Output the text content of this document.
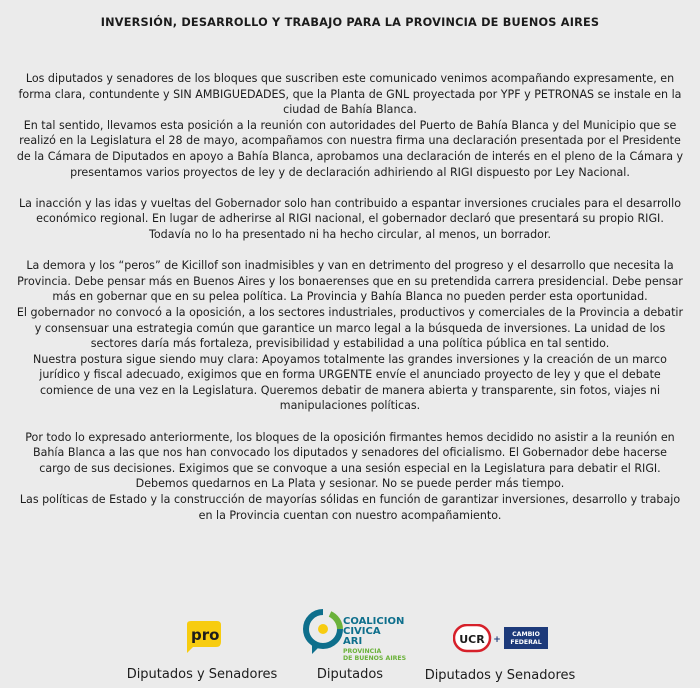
INVERSIÓN, DESARROLLO Y TRABAJO PARA LA PROVINCIA DE BUENOS AIRES

Los diputados y senadores de los bloques que suscriben este comunicado venimos acompañando expresamente, en forma clara, contundente y SIN AMBIGUEDADES, que la Planta de GNL proyectada por YPF y PETRONAS se instale en la ciudad de Bahía Blanca.

En tal sentido, llevamos esta posición a la reunión con autoridades del Puerto de Bahía Blanca y del Municipio que se realizó en la Legislatura el 28 de mayo, acompañamos con nuestra firma una declaración presentada por el Presidente de la Cámara de Diputados en apoyo a Bahía Blanca, aprobamos una declaración de interés en el pleno de la Cámara y presentamos varios proyectos de ley y de declaración adhiriendo al RIGI dispuesto por Ley Nacional.

La inacción y las idas y vueltas del Gobernador solo han contribuido a espantar inversiones cruciales para el desarrollo económico regional. En lugar de adherirse al RIGI nacional, el gobernador declaró que presentará su propio RIGI. Todavía no lo ha presentado ni ha hecho circular, al menos, un borrador.

La demora y los “peros” de Kicillof son inadmisibles y van en detrimento del progreso y el desarrollo que necesita la Provincia. Debe pensar más en Buenos Aires y los bonaerenses que en su pretendida carrera presidencial. Debe pensar más en gobernar que en su pelea política. La Provincia y Bahía Blanca no pueden perder esta oportunidad.

El gobernador no convocó a la oposición, a los sectores industriales, productivos y comerciales de la Provincia a debatir y consensuar una estrategia común que garantice un marco legal a la búsqueda de inversiones. La unidad de los sectores daría más fortaleza, previsibilidad y estabilidad a una política pública en tal sentido.

Nuestra postura sigue siendo muy clara: Apoyamos totalmente las grandes inversiones y la creación de un marco jurídico y fiscal adecuado, exigimos que en forma URGENTE envíe el anunciado proyecto de ley y que el debate comience de una vez en la Legislatura. Queremos debatir de manera abierta y transparente, sin fotos, viajes ni manipulaciones políticas.

Por todo lo expresado anteriormente, los bloques de la oposición firmantes hemos decidido no asistir a la reunión en Bahía Blanca a las que nos han convocado los diputados y senadores del oficialismo. El Gobernador debe hacerse cargo de sus decisiones. Exigimos que se convoque a una sesión especial en la Legislatura para debatir el RIGI. Debemos quedarnos en La Plata y sesionar. No se puede perder más tiempo.

Las políticas de Estado y la construcción de mayorías sólidas en función de garantizar inversiones, desarrollo y trabajo en la Provincia cuentan con nuestro acompañamiento.

pro
Diputados y Senadores
COALICION
CIVICA
ARI
PROVINCIA
DE BUENOS AIRES
Diputados
UCR +
CAMBIO
FEDERAL
Diputados y Senadores
